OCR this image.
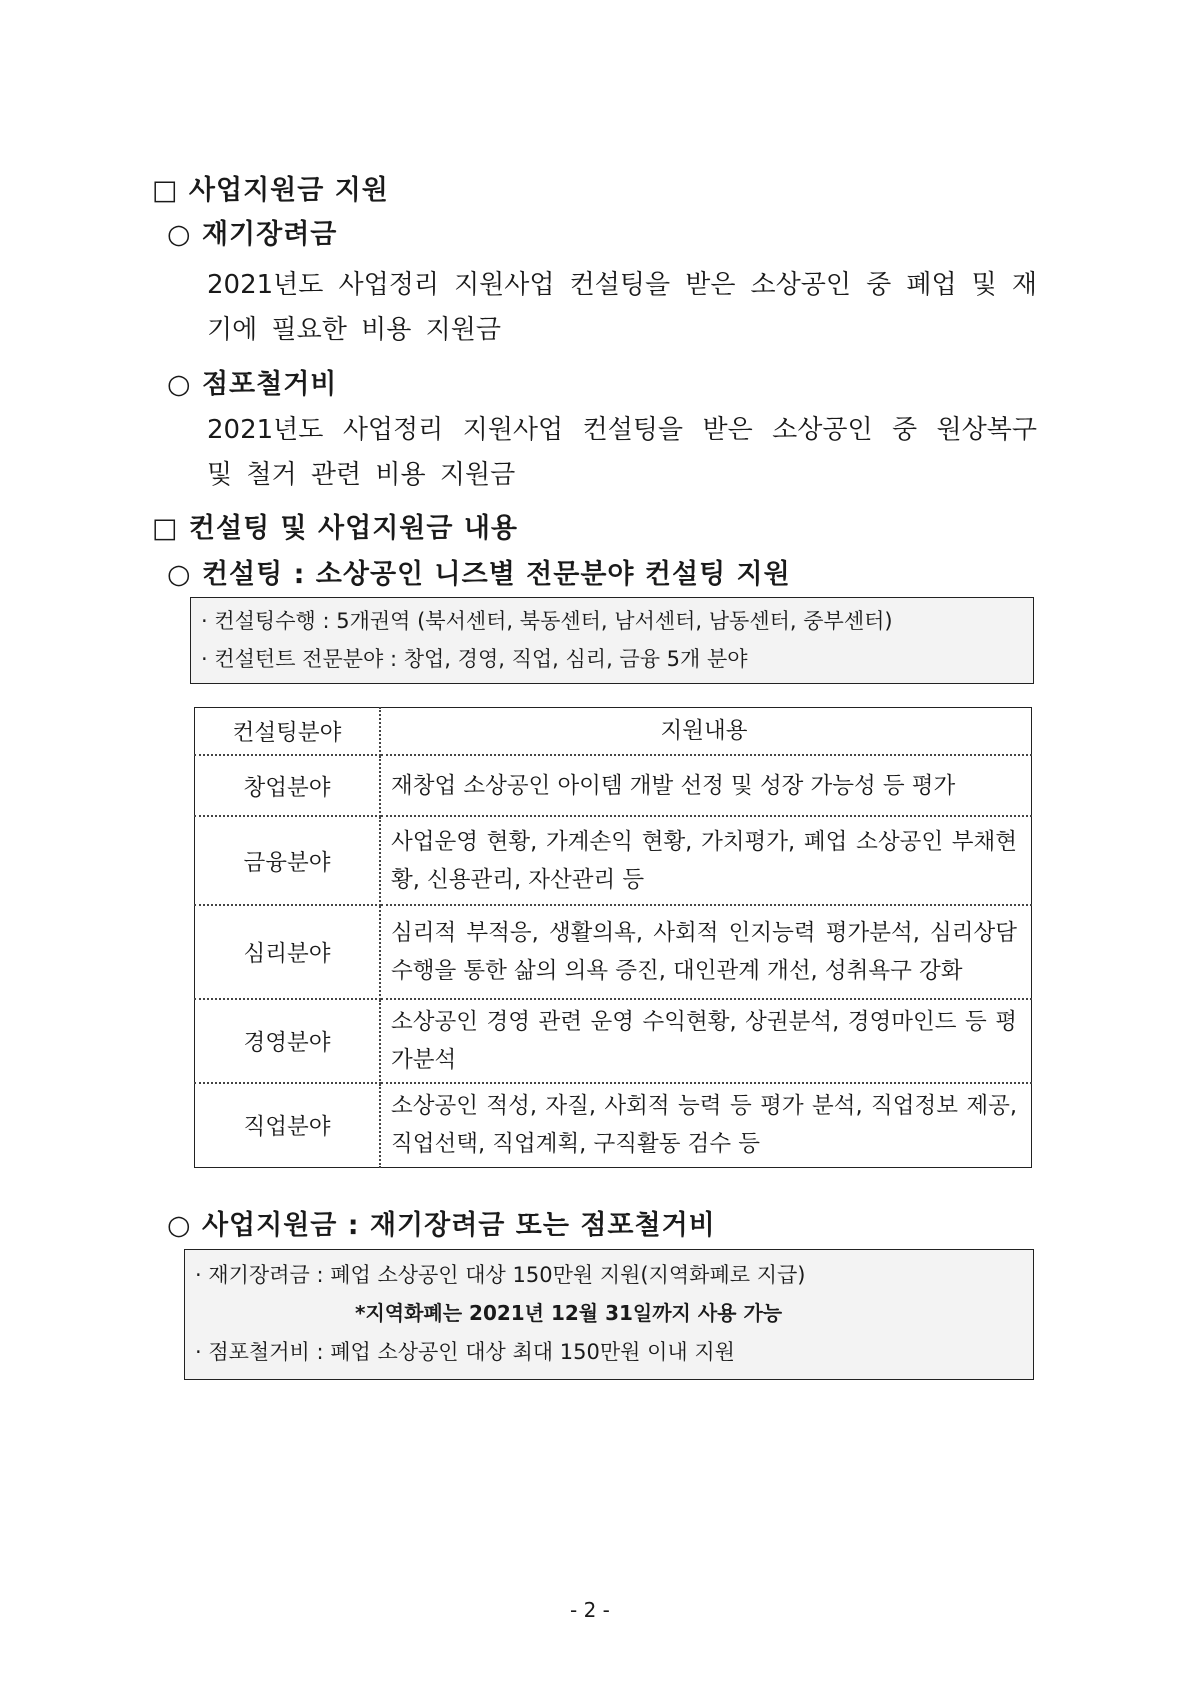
□ 사업지원금 지원
○ 재기장려금
2021년도 사업정리 지원사업 컨설팅을 받은 소상공인 중 폐업 및 재기에 필요한 비용 지원금
○ 점포철거비
2021년도 사업정리 지원사업 컨설팅을 받은 소상공인 중 원상복구 및 철거 관련 비용 지원금
□ 컨설팅 및 사업지원금 내용
○ 컨설팅 : 소상공인 니즈별 전문분야 컨설팅 지원
· 컨설팅수행 : 5개권역 (북서센터, 북동센터, 남서센터, 남동센터, 중부센터)
· 컨설턴트 전문분야 : 창업, 경영, 직업, 심리, 금융 5개 분야
컨설팅분야	지원내용
창업분야	재창업 소상공인 아이템 개발 선정 및 성장 가능성 등 평가
금융분야	사업운영 현황, 가계손익 현황, 가치평가, 폐업 소상공인 부채현황, 신용관리, 자산관리 등
심리분야	심리적 부적응, 생활의욕, 사회적 인지능력 평가분석, 심리상담 수행을 통한 삶의 의욕 증진, 대인관계 개선, 성취욕구 강화
경영분야	소상공인 경영 관련 운영 수익현황, 상권분석, 경영마인드 등 평가분석
직업분야	소상공인 적성, 자질, 사회적 능력 등 평가 분석, 직업정보 제공, 직업선택, 직업계획, 구직활동 검수 등
○ 사업지원금 : 재기장려금 또는 점포철거비
· 재기장려금 : 폐업 소상공인 대상 150만원 지원(지역화폐로 지급)
*지역화폐는 2021년 12월 31일까지 사용 가능
· 점포철거비 : 폐업 소상공인 대상 최대 150만원 이내 지원
- 2 -
